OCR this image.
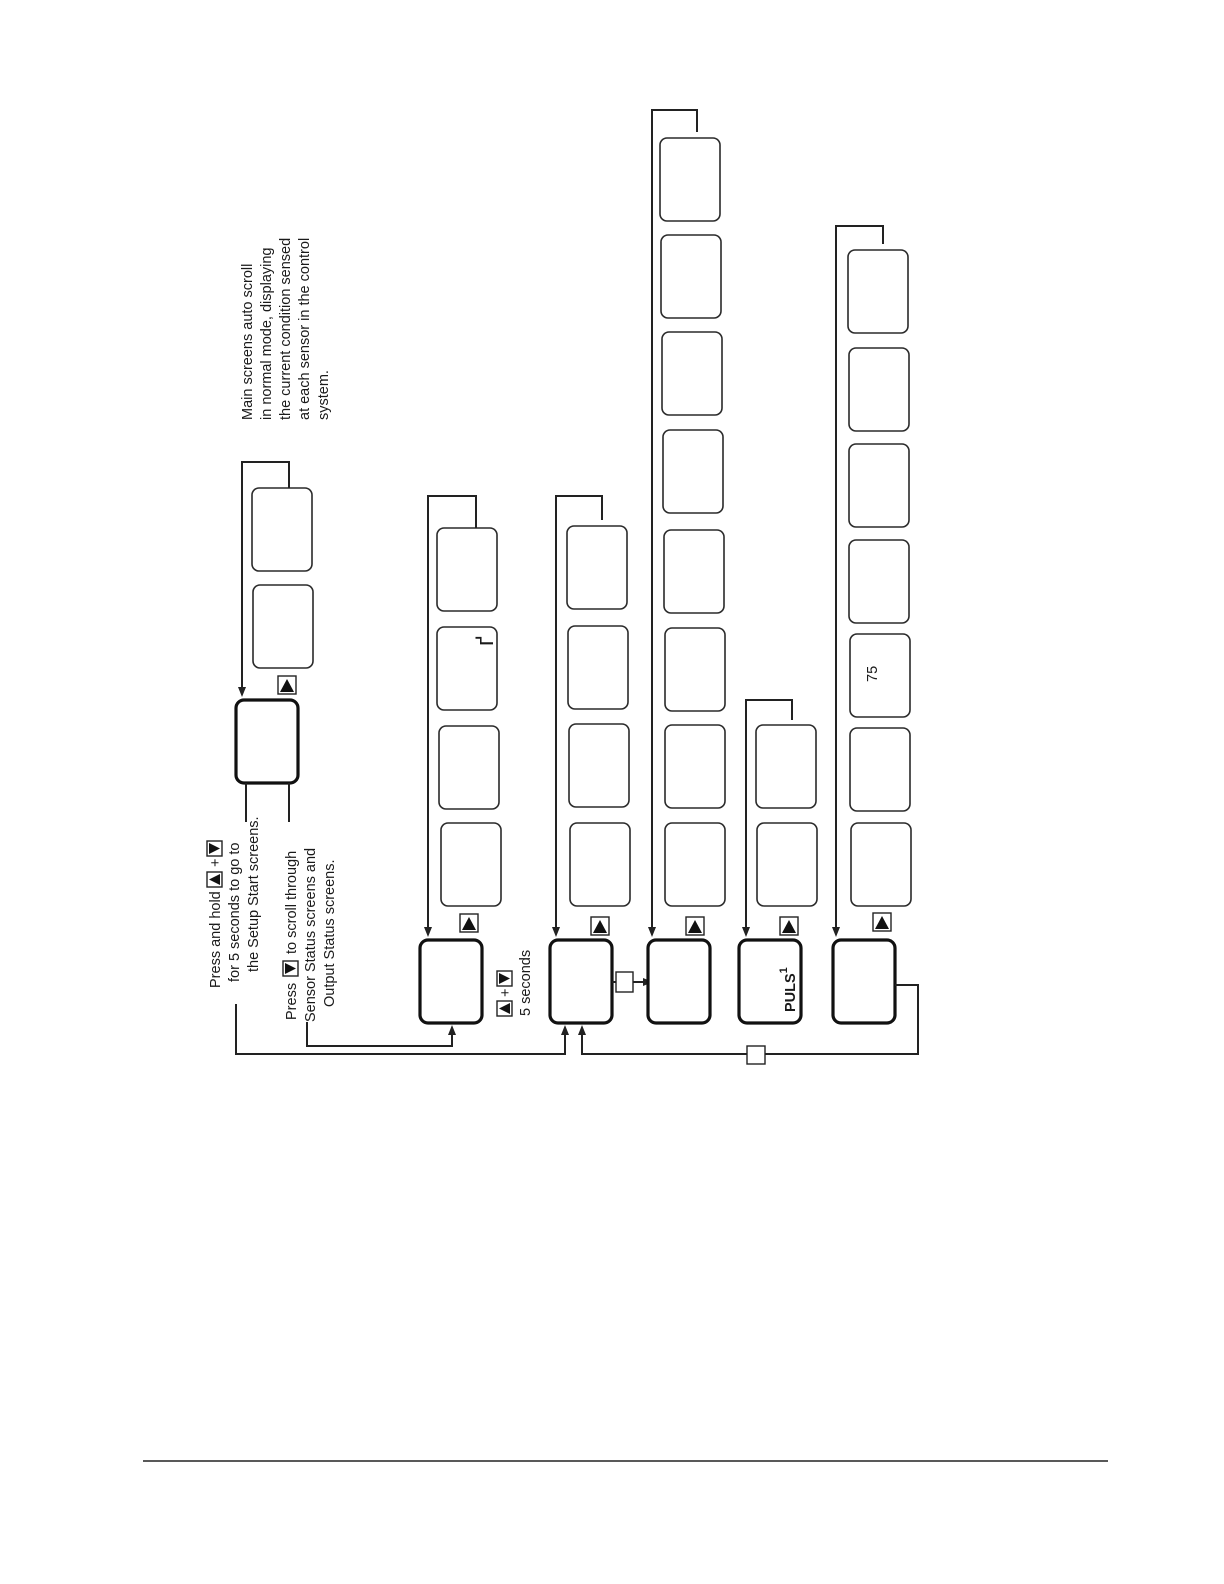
Press and hold
+ for 5 seconds to go to the Setup Start screens.
Press
to scroll through Sensor Status screens and Output Status screens.
Main screens auto scroll in normal mode, displaying the current condition sensed at each sensor in the control system.
ґ
+ 5 seconds	PULS$^1$
75
